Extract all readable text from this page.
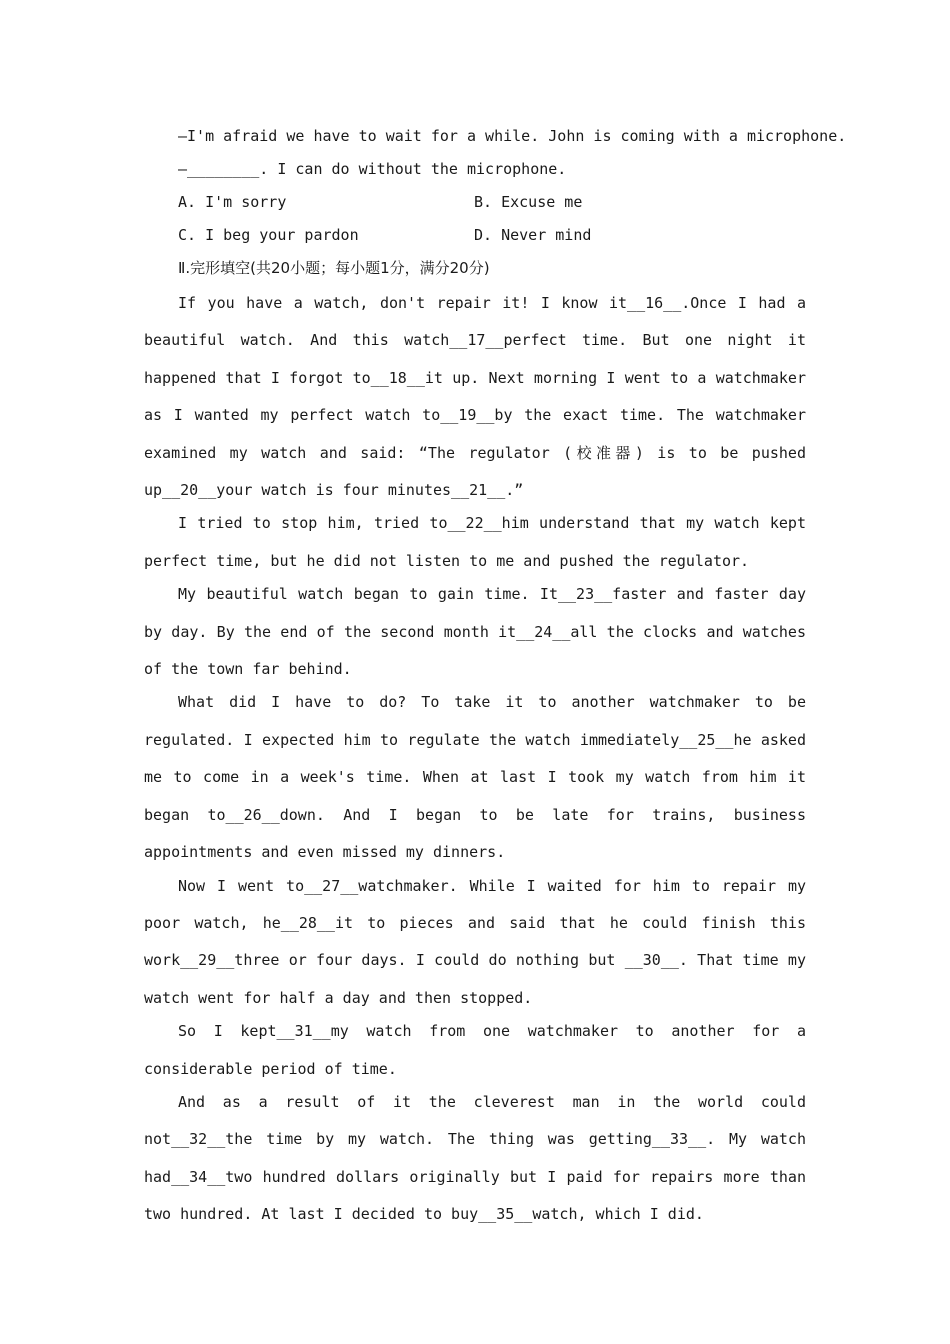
—I'm afraid we have to wait for a while. John is coming with a microphone.
—________. I can do without the microphone.
A. I'm sorry	B. Excuse me
C. I beg your pardon	D. Never mind
Ⅱ.完形填空(共20小题；每小题1分，满分20分)

If you have a watch, don't repair it! I know it__16__.Once I had a beautiful watch. And this watch__17__perfect time. But one night it happened that I forgot to__18__it up. Next morning I went to a watchmaker as I wanted my perfect watch to__19__by the exact time. The watchmaker examined my watch and said: “The regulator (校准器) is to be pushed up__20__your watch is four minutes__21__.”

I tried to stop him, tried to__22__him understand that my watch kept perfect time, but he did not listen to me and pushed the regulator.

My beautiful watch began to gain time. It__23__faster and faster day by day. By the end of the second month it__24__all the clocks and watches of the town far behind.

What did I have to do? To take it to another watchmaker to be regulated. I expected him to regulate the watch immediately__25__he asked me to come in a week's time. When at last I took my watch from him it began to__26__down. And I began to be late for trains, business appointments and even missed my dinners.

Now I went to__27__watchmaker. While I waited for him to repair my poor watch, he__28__it to pieces and said that he could finish this work__29__three or four days. I could do nothing but __30__. That time my watch went for half a day and then stopped.

So I kept__31__my watch from one watchmaker to another for a considerable period of time.

And as a result of it the cleverest man in the world could not__32__the time by my watch. The thing was getting__33__. My watch had__34__two hundred dollars originally but I paid for repairs more than two hundred. At last I decided to buy__35__watch, which I did.
